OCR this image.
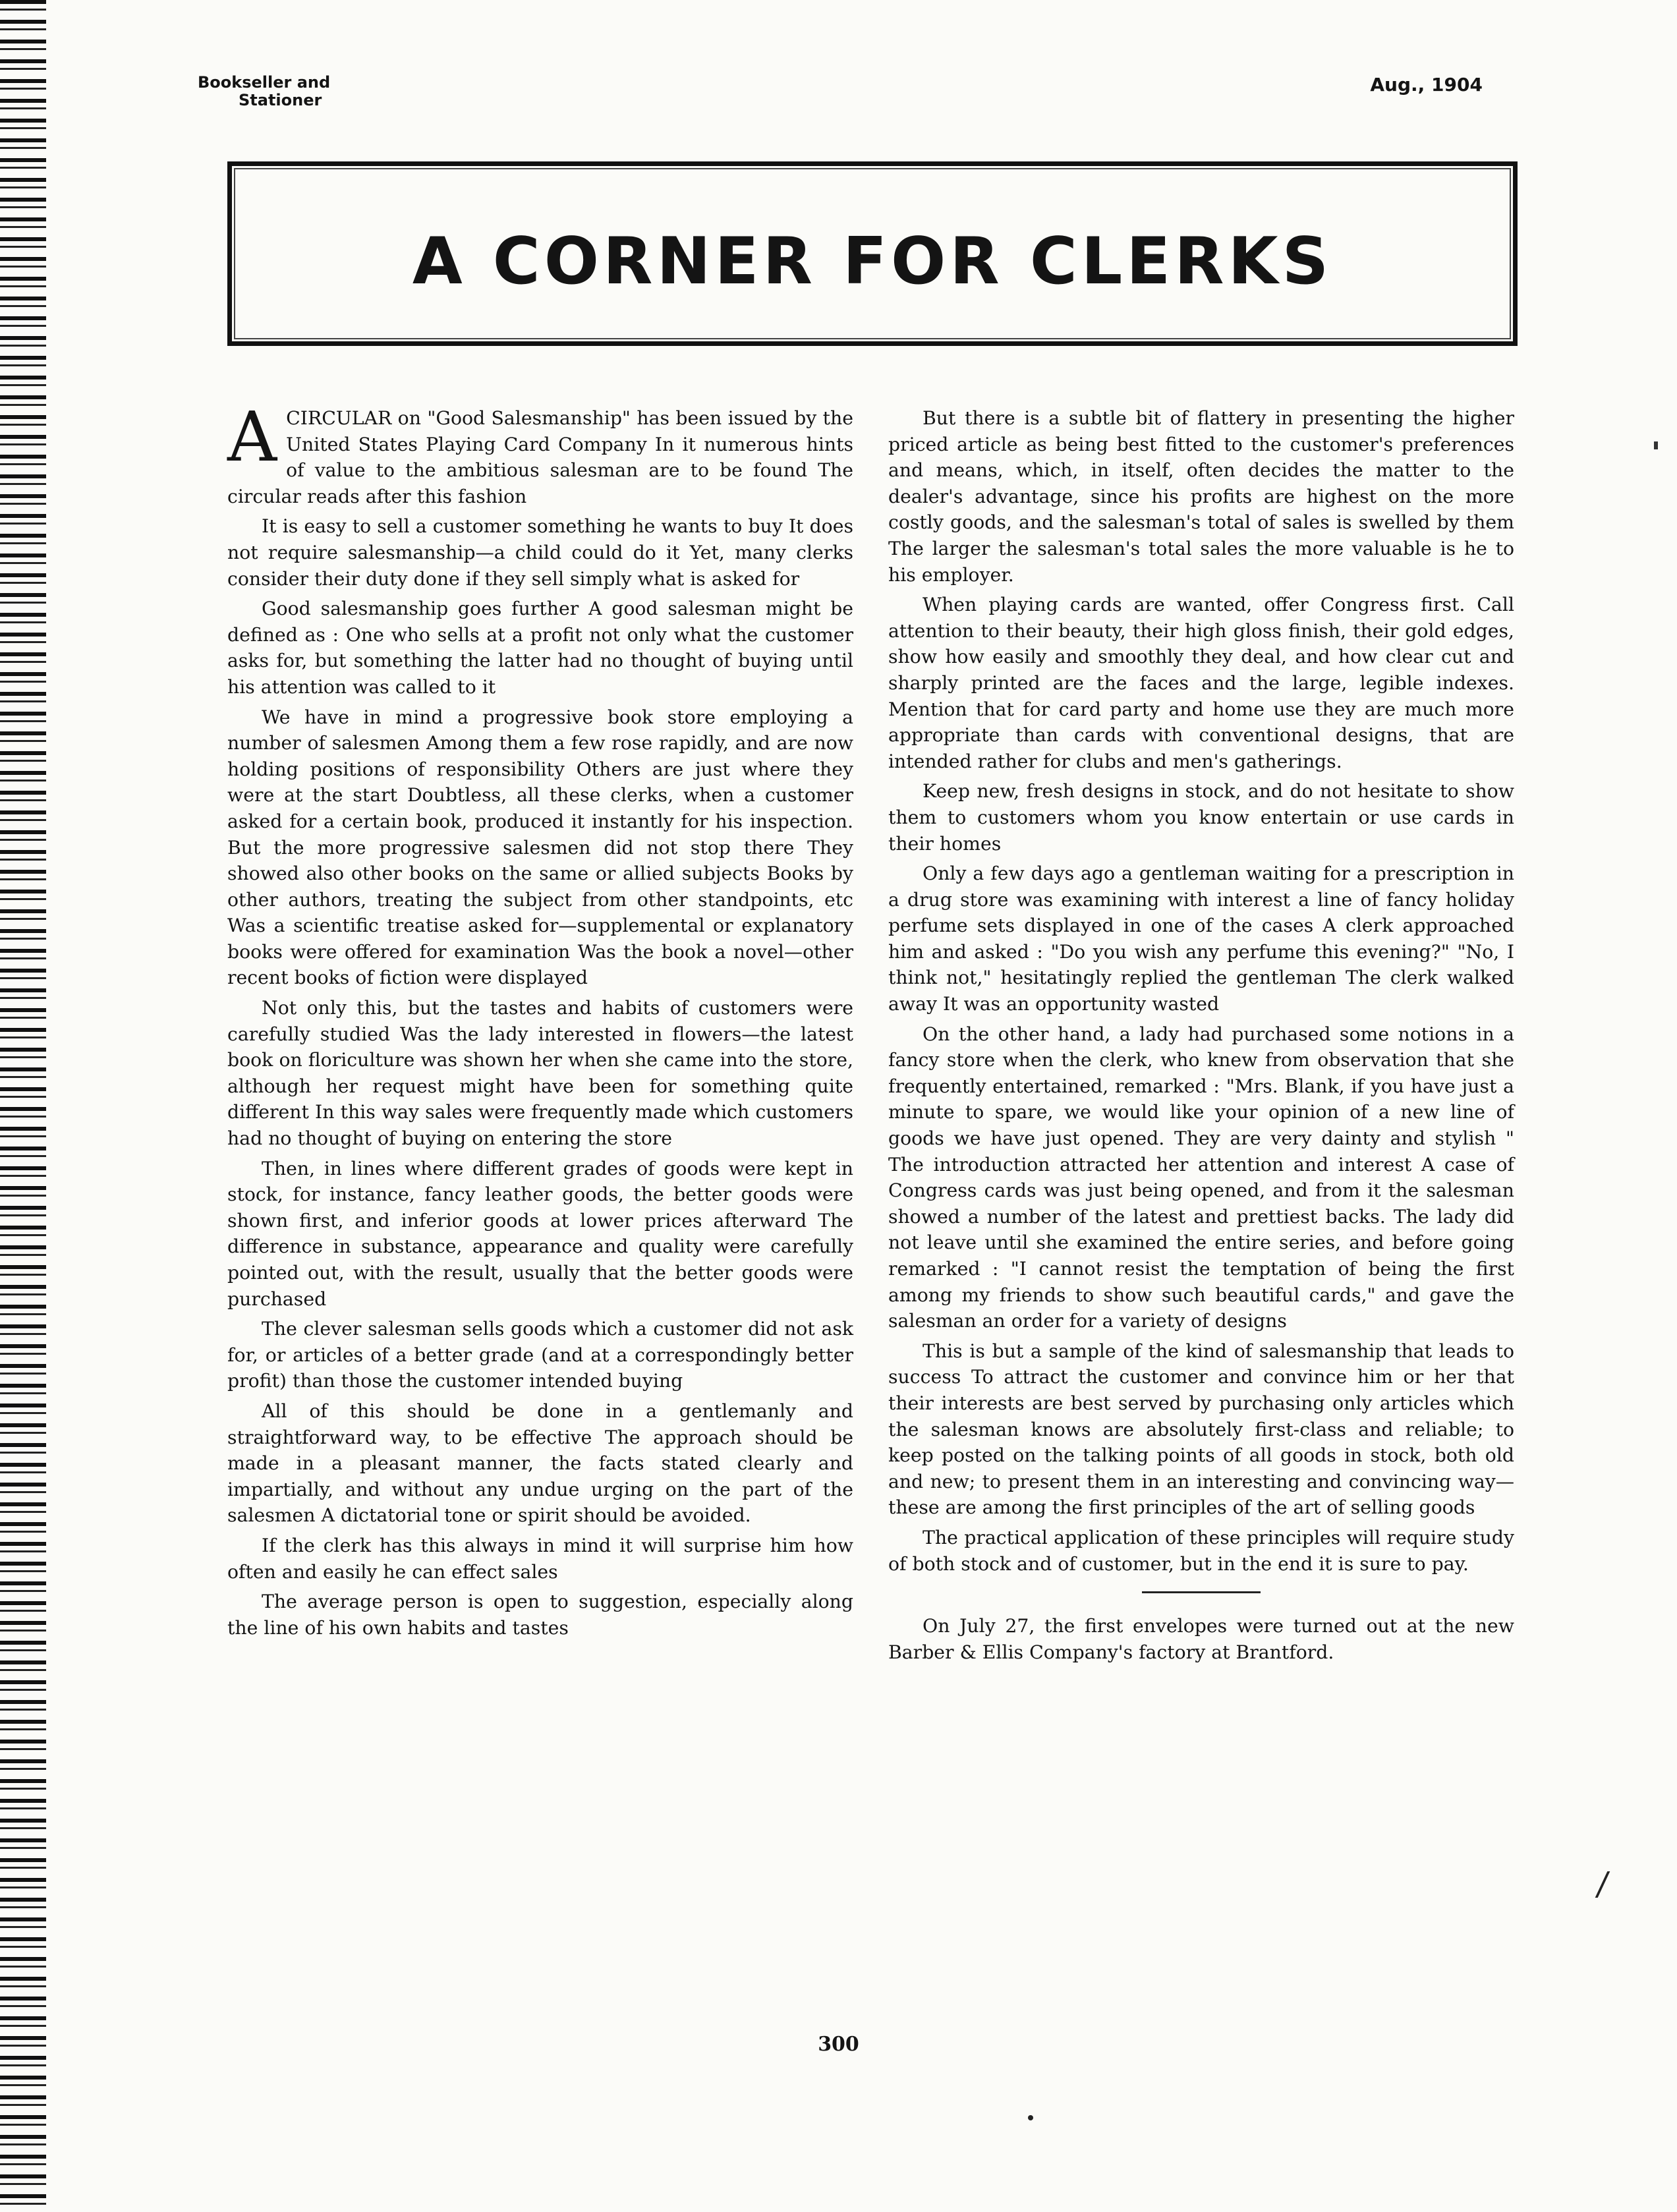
Bookseller and
Stationer
Aug., 1904
A CORNER FOR CLERKS

ACIRCULAR on "Good Salesmanship" has been issued by the United States Playing Card Company In it numerous hints of value to the ambitious salesman are to be found The circular reads after this fashion

It is easy to sell a customer something he wants to buy It does not require salesmanship—a child could do it Yet, many clerks consider their duty done if they sell simply what is asked for

Good salesmanship goes further A good salesman might be defined as : One who sells at a profit not only what the customer asks for, but something the latter had no thought of buying until his attention was called to it

We have in mind a progressive book store employing a number of salesmen Among them a few rose rapidly, and are now holding positions of responsibility Others are just where they were at the start Doubtless, all these clerks, when a customer asked for a certain book, produced it instantly for his inspection. But the more progressive salesmen did not stop there They showed also other books on the same or allied subjects Books by other authors, treating the subject from other standpoints, etc Was a scientific treatise asked for—supplemental or explanatory books were offered for examination Was the book a novel—other recent books of fiction were displayed

Not only this, but the tastes and habits of customers were carefully studied Was the lady interested in flowers—the latest book on floriculture was shown her when she came into the store, although her request might have been for something quite different In this way sales were frequently made which customers had no thought of buying on entering the store

Then, in lines where different grades of goods were kept in stock, for instance, fancy leather goods, the better goods were shown first, and inferior goods at lower prices afterward The difference in substance, appearance and quality were carefully pointed out, with the result, usually that the better goods were purchased

The clever salesman sells goods which a customer did not ask for, or articles of a better grade (and at a correspondingly better profit) than those the customer intended buying

All of this should be done in a gentlemanly and straightforward way, to be effective The approach should be made in a pleasant manner, the facts stated clearly and impartially, and without any undue urging on the part of the salesmen A dictatorial tone or spirit should be avoided.

If the clerk has this always in mind it will surprise him how often and easily he can effect sales

The average person is open to suggestion, especially along the line of his own habits and tastes

But there is a subtle bit of flattery in presenting the higher priced article as being best fitted to the customer's preferences and means, which, in itself, often decides the matter to the dealer's advantage, since his profits are highest on the more costly goods, and the salesman's total of sales is swelled by them The larger the salesman's total sales the more valuable is he to his employer.

When playing cards are wanted, offer Congress first. Call attention to their beauty, their high gloss finish, their gold edges, show how easily and smoothly they deal, and how clear cut and sharply printed are the faces and the large, legible indexes. Mention that for card party and home use they are much more appropriate than cards with conventional designs, that are intended rather for clubs and men's gatherings.

Keep new, fresh designs in stock, and do not hesitate to show them to customers whom you know entertain or use cards in their homes

Only a few days ago a gentleman waiting for a prescription in a drug store was examining with interest a line of fancy holiday perfume sets displayed in one of the cases A clerk approached him and asked : "Do you wish any perfume this evening?" "No, I think not," hesitatingly replied the gentleman The clerk walked away It was an opportunity wasted

On the other hand, a lady had purchased some notions in a fancy store when the clerk, who knew from observation that she frequently entertained, remarked : "Mrs. Blank, if you have just a minute to spare, we would like your opinion of a new line of goods we have just opened. They are very dainty and stylish " The introduction attracted her attention and interest A case of Congress cards was just being opened, and from it the salesman showed a number of the latest and prettiest backs. The lady did not leave until she examined the entire series, and before going remarked : "I cannot resist the temptation of being the first among my friends to show such beautiful cards," and gave the salesman an order for a variety of designs

This is but a sample of the kind of salesmanship that leads to success To attract the customer and convince him or her that their interests are best served by purchasing only articles which the salesman knows are absolutely first-class and reliable; to keep posted on the talking points of all goods in stock, both old and new; to present them in an interesting and convincing way—these are among the first principles of the art of selling goods

The practical application of these principles will require study of both stock and of customer, but in the end it is sure to pay.

On July 27, the first envelopes were turned out at the new Barber & Ellis Company's factory at Brantford.

300
